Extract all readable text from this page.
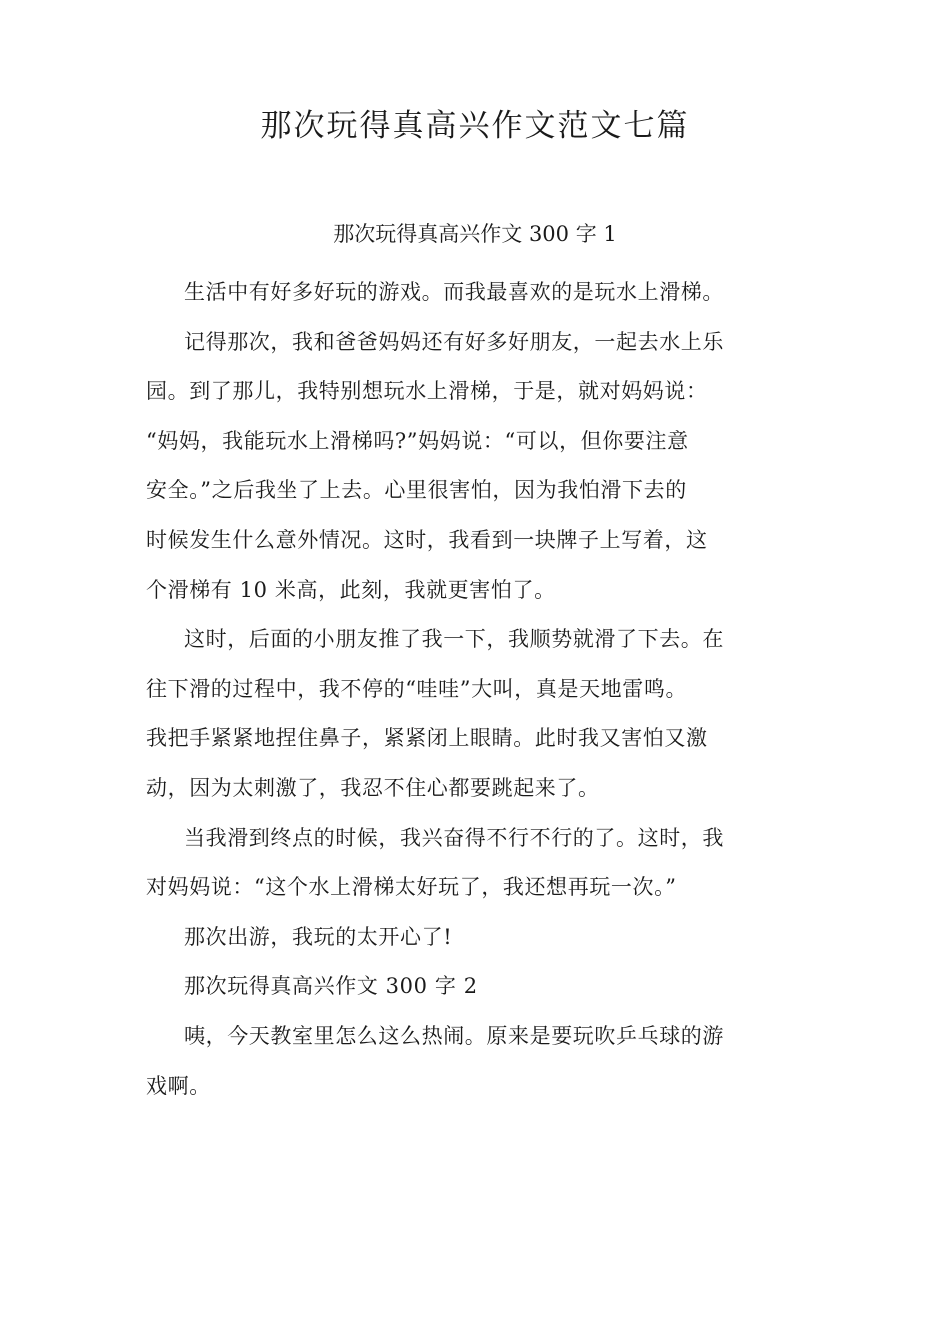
那次玩得真高兴作文范文七篇
那次玩得真高兴作文 300 字 1
生活中有好多好玩的游戏。而我最喜欢的是玩水上滑梯。
记得那次，我和爸爸妈妈还有好多好朋友，一起去水上乐
园。到了那儿，我特别想玩水上滑梯，于是，就对妈妈说：
“妈妈，我能玩水上滑梯吗?”妈妈说：“可以，但你要注意
安全。”之后我坐了上去。心里很害怕，因为我怕滑下去的
时候发生什么意外情况。这时，我看到一块牌子上写着，这
个滑梯有 10 米高，此刻，我就更害怕了。
这时，后面的小朋友推了我一下，我顺势就滑了下去。在
往下滑的过程中，我不停的“哇哇”大叫，真是天地雷鸣。
我把手紧紧地捏住鼻子，紧紧闭上眼睛。此时我又害怕又激
动，因为太刺激了，我忍不住心都要跳起来了。
当我滑到终点的时候，我兴奋得不行不行的了。这时，我
对妈妈说：“这个水上滑梯太好玩了，我还想再玩一次。”
那次出游，我玩的太开心了!
那次玩得真高兴作文 300 字 2
咦，今天教室里怎么这么热闹。原来是要玩吹乒乓球的游
戏啊。
